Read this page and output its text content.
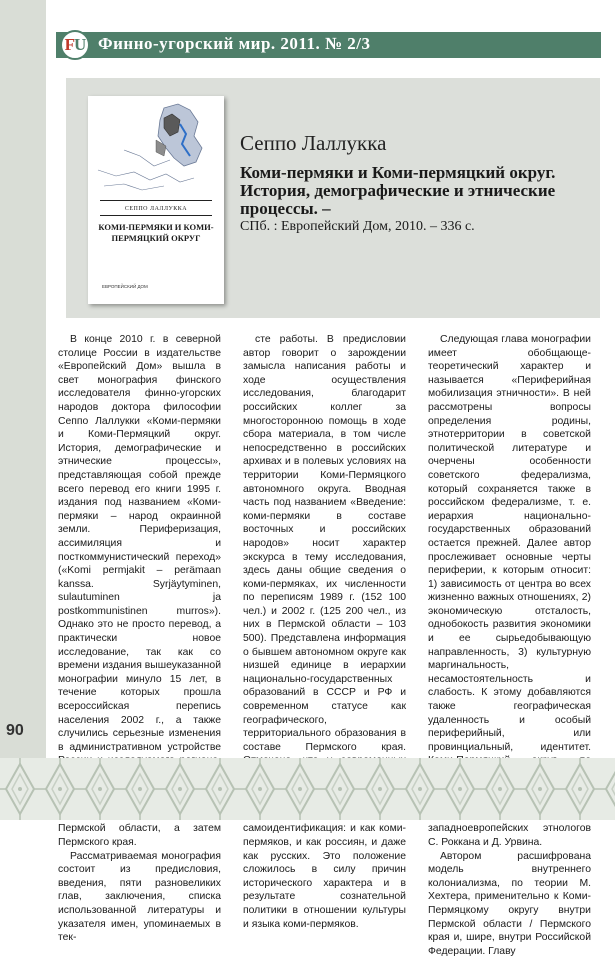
F U Финно-угорский мир. 2011. № 2/3
СЕППО ЛАЛЛУККА
КОМИ-ПЕРМЯКИ И КОМИ-ПЕРМЯЦКИЙ ОКРУГ
ЕВРОПЕЙСКИЙ ДОМ
Сеппо Лаллукка
Коми-пермяки и Коми-пермяцкий округ. История, демографические и этнические процессы. –
СПб. : Европейский Дом, 2010. – 336 с.

В конце 2010 г. в северной столице России в издательстве «Европейский Дом» вышла в свет монография финского исследователя финно-угорских народов доктора философии Сеппо Лаллукки «Коми-пермяки и Коми-Пермяцкий округ. История, демографические и этнические процессы», представляющая собой прежде всего перевод его книги 1995 г. издания под названием «Коми-пермяки – народ окраинной земли. Периферизация, ассимиляция и посткоммунистический переход» («Komi permjakit – perämaan kanssa. Syrjäytyminen, sulautuminen ja postkommunistinen murros»). Однако это не просто перевод, а практически новое исследование, так как со времени издания вышеуказанной монографии минуло 15 лет, в течение которых прошла всероссийская перепись населения 2002 г., а также случились серьезные изменения в административном устройстве Пермской области, а затем Пермского края.

Рассматриваемая монография состоит из предисловия, введения, пяти разновеликих глав, заключения, списка использованной литературы и указателя имен, упоминаемых в тек-

сте работы. В предисловии автор говорит о зарождении замысла написания работы и ходе осуществления исследования, благодарит российских коллег за многосторонною помощь в ходе сбора материала, в том числе непосредственно в российских архивах и в полевых условиях на территории Коми-Пермяцкого автономного округа. Вводная часть под названием «Введение: коми-пермяки в составе восточных и российских народов» носит характер экскурса в тему исследования, здесь даны общие сведения о коми-пермяках, их численности по переписям 1989 г. (152 100 чел.) и 2002 г. (125 200 чел., из них в Пермской области – 103 500). Представлена информация о бывшем автономном округе как низшей единице в иерархии национально-государственных образований в СССР и РФ и современном статусе как географического, территориального образования в составе Пермского края. самоидентификация: и как коми-пермяков, и как россиян, и даже как русских. Это положение сложилось в силу причин исторического характера и в результате сознательной политики в отношении культуры и языка коми-пермяков.

Следующая глава монографии имеет обобщающе-теоретический характер и называется «Периферийная мобилизация этничности». В ней рассмотрены вопросы определения родины, этнотерритории в советской политической литературе и очерчены особенности советского федерализма, который сохраняется также в российском федерализме, т. е. иерархия национально-государственных образований остается прежней. Далее автор прослеживает основные черты периферии, к которым относит: 1) зависимость от центра во всех жизненно важных отношениях, 2) экономическую отсталость, однобокость развития экономики и ее сырьедобывающую направленность, 3) культурную маргинальность, несамостоятельность и слабость. К этому добавляются также географическая удаленность и особый периферийный, или провинциальный, идентитет. западноевропейских этнологов С. Роккана и Д. Урвина.

Автором расшифрована модель внутреннего колониализма, по теории М. Хехтера, применительно к Коми-Пермяцкому округу внутри Пермской области / Пермского края и, шире, внутри Российской Федерации. Главу

90
